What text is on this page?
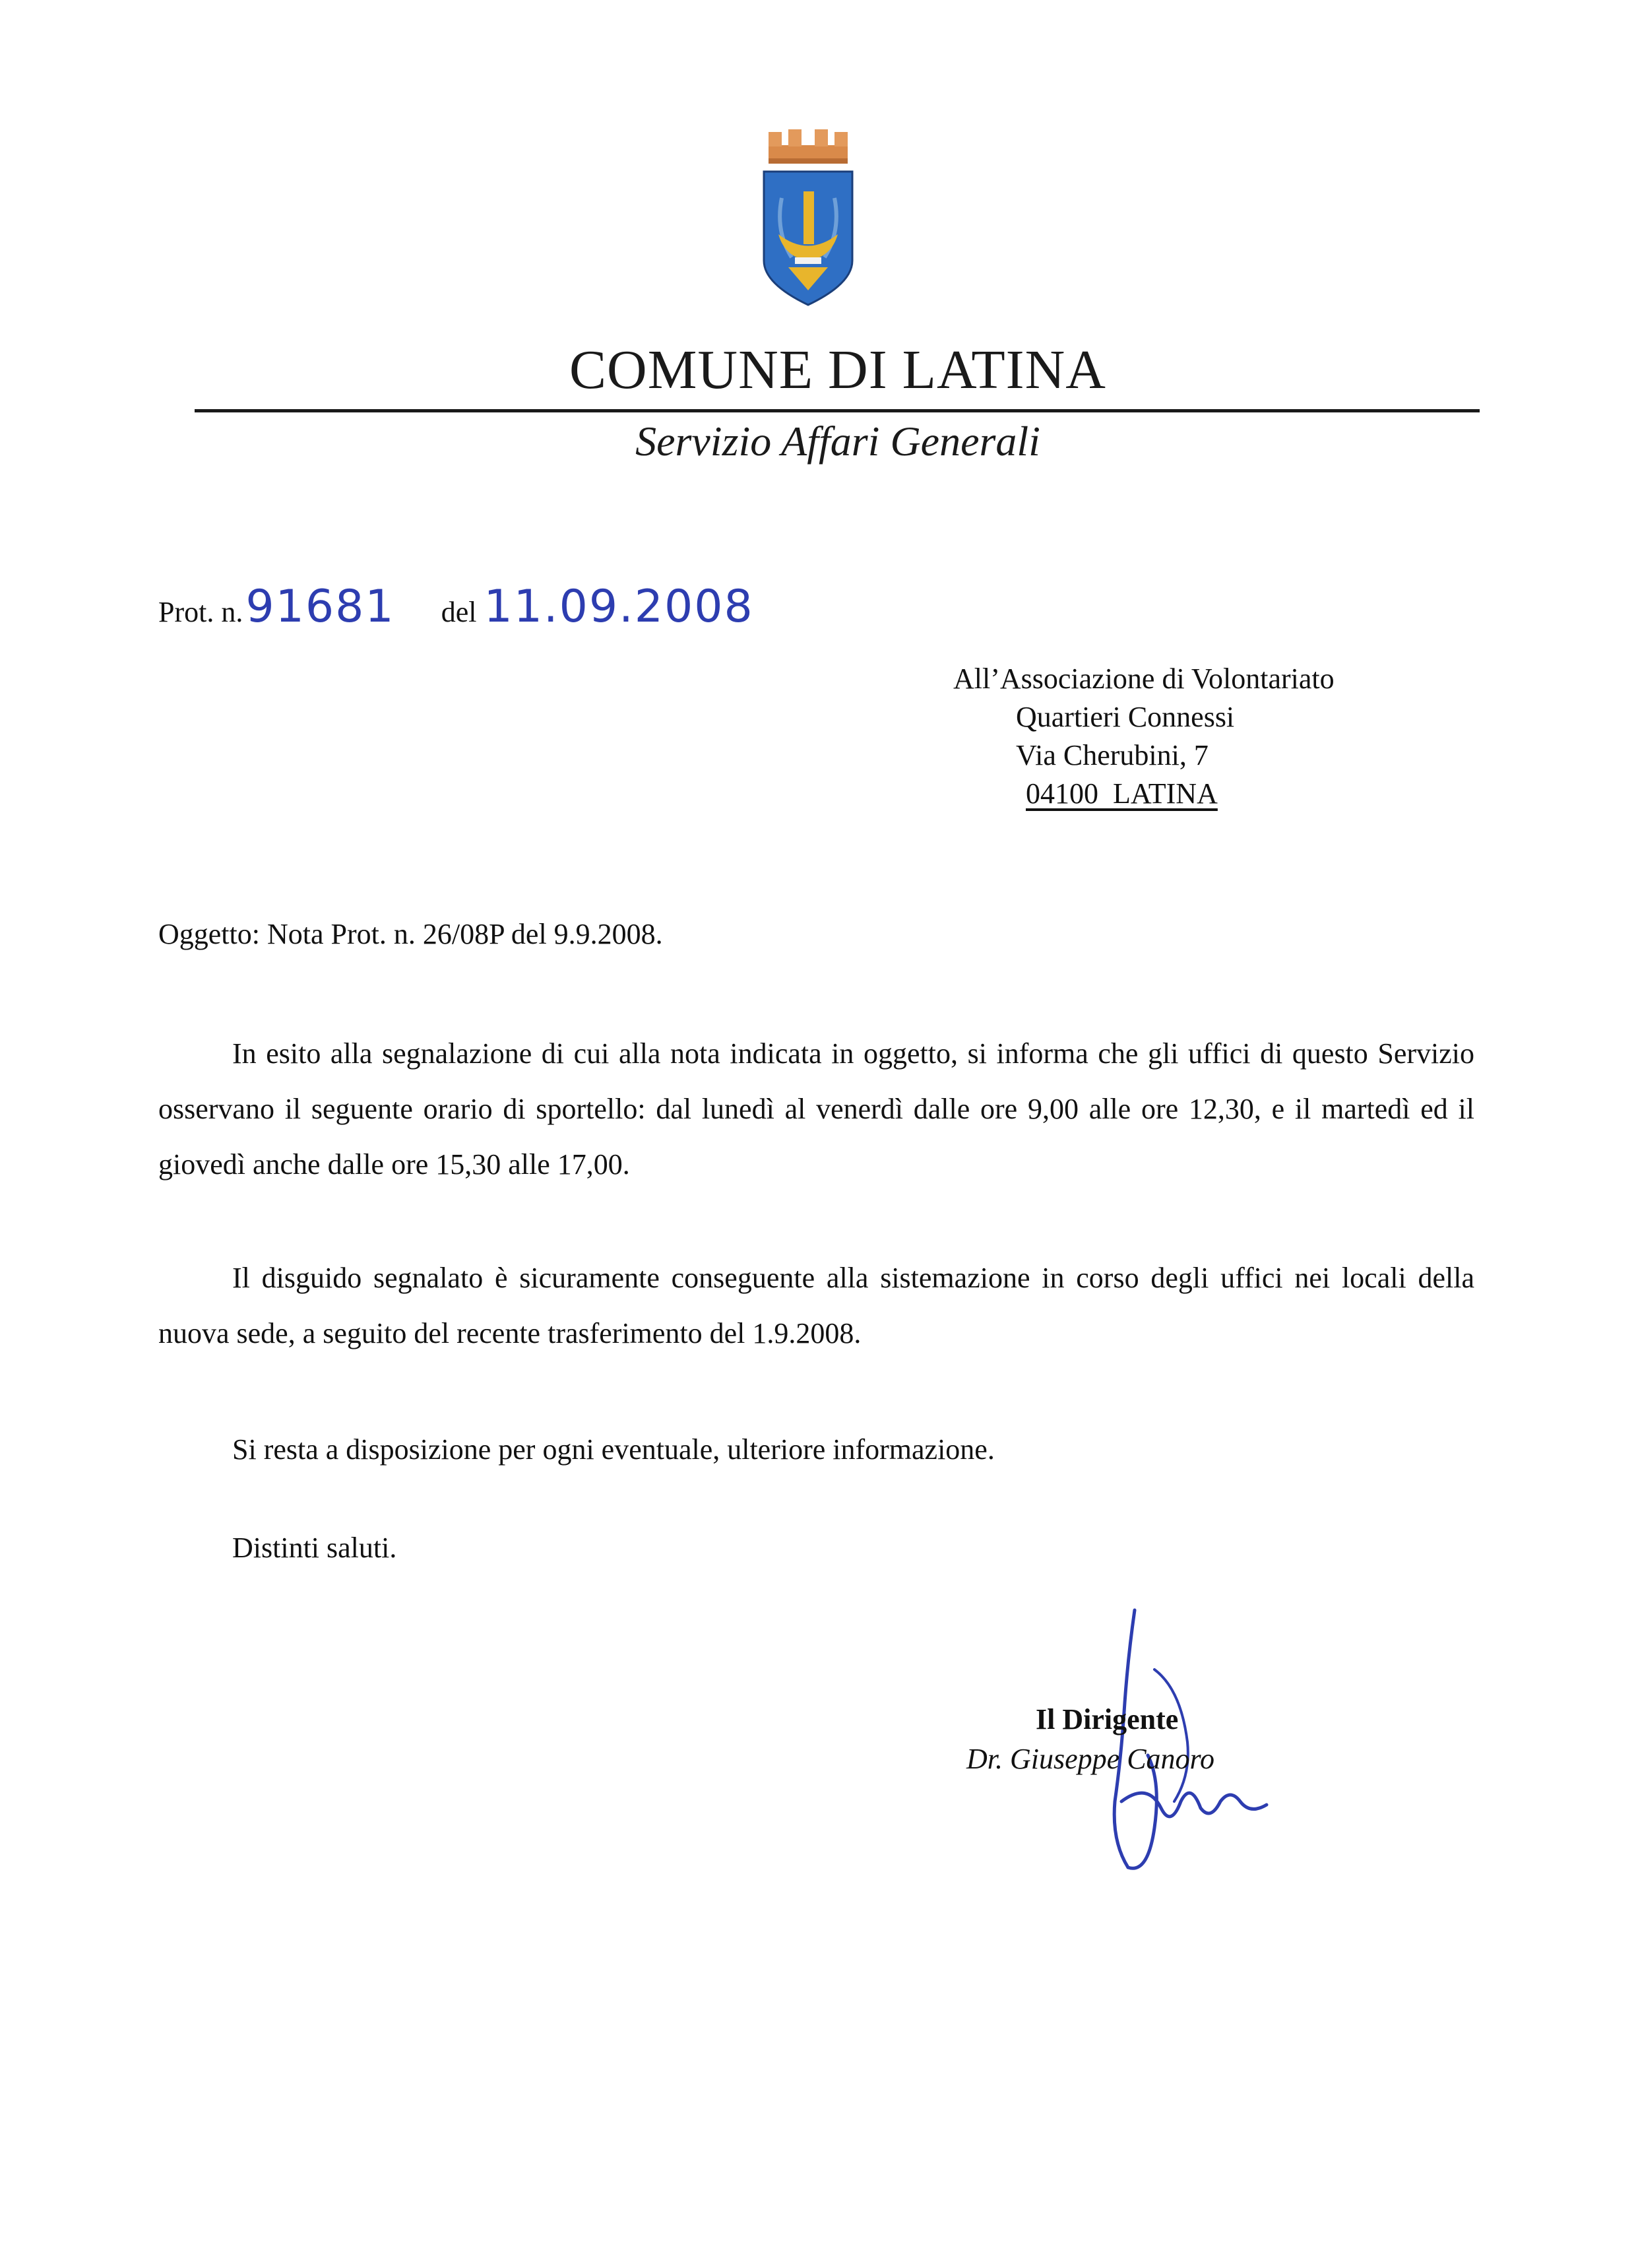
COMUNE DI LATINA
Servizio Affari Generali
Prot. n.91681 del 11.09.2008
All’Associazione di Volontariato
Quartieri Connessi
Via Cherubini, 7
04100  LATINA
Oggetto: Nota Prot. n. 26/08P del 9.9.2008.
In esito alla segnalazione di cui alla nota indicata in oggetto, si informa che gli uffici di questo Servizio osservano il seguente orario di sportello: dal lunedì al venerdì dalle ore 9,00 alle ore 12,30, e il martedì ed il giovedì anche dalle ore 15,30 alle 17,00.
Il disguido segnalato è sicuramente conseguente alla sistemazione in corso degli uffici nei locali della nuova sede, a seguito del recente trasferimento del 1.9.2008.
Si resta a disposizione per ogni eventuale, ulteriore informazione.
Distinti saluti.
Il Dirigente
Dr. Giuseppe Canoro
